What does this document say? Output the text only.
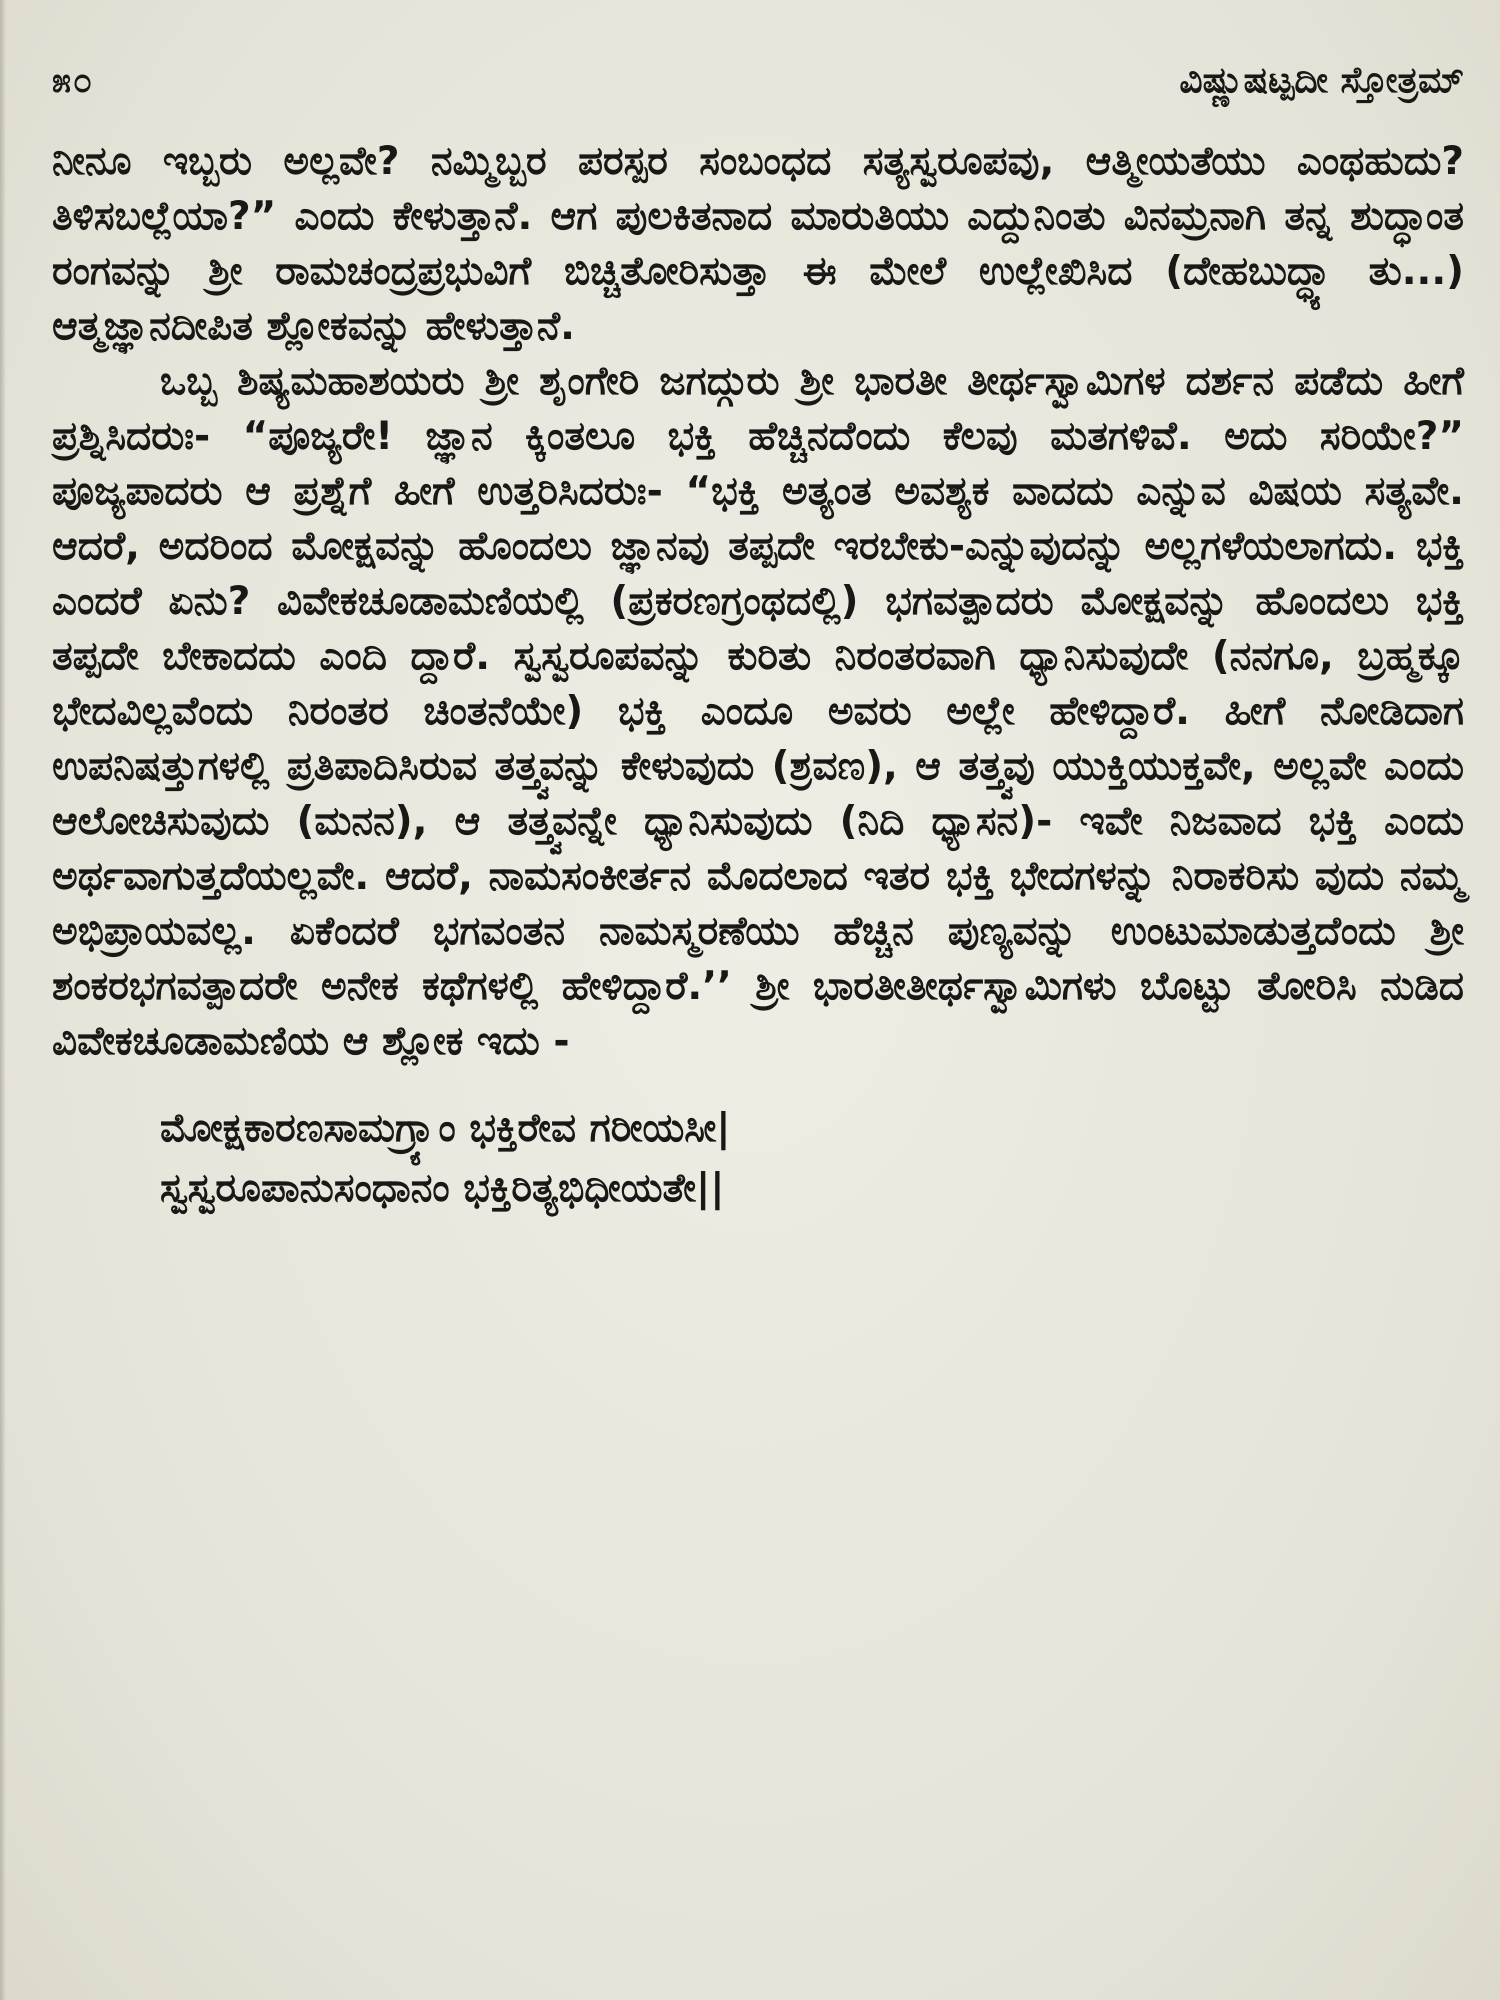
೫೦	ವಿಷ್ಣುಷಟ್ಪದೀ ಸ್ತೋತ್ರಮ್

ನೀನೂ ಇಬ್ಬರು ಅಲ್ಲವೇ? ನಮ್ಮಿಬ್ಬರ ಪರಸ್ಪರ ಸಂಬಂಧದ ಸತ್ಯಸ್ವರೂಪವು, ಆತ್ಮೀಯತೆಯು ಎಂಥಹುದು? ತಿಳಿಸಬಲ್ಲೆಯಾ?” ಎಂದು ಕೇಳುತ್ತಾನೆ. ಆಗ ಪುಲಕಿತನಾದ ಮಾರುತಿಯು ಎದ್ದುನಿಂತು ವಿನಮ್ರನಾಗಿ ತನ್ನ ಶುದ್ಧಾಂತ ರಂಗವನ್ನು ಶ್ರೀ ರಾಮಚಂದ್ರಪ್ರಭುವಿಗೆ ಬಿಚ್ಚಿತೋರಿಸುತ್ತಾ ಈ ಮೇಲೆ ಉಲ್ಲೇಖಿಸಿದ (ದೇಹಬುದ್ಧ್ಯಾ ತು...) ಆತ್ಮಜ್ಞಾನದೀಪಿತ ಶ್ಲೋಕವನ್ನು ಹೇಳುತ್ತಾನೆ.

ಒಬ್ಬ ಶಿಷ್ಯಮಹಾಶಯರು ಶ್ರೀ ಶೃಂಗೇರಿ ಜಗದ್ಗುರು ಶ್ರೀ ಭಾರತೀ ತೀರ್ಥಸ್ವಾಮಿಗಳ ದರ್ಶನ ಪಡೆದು ಹೀಗೆ ಪ್ರಶ್ನಿಸಿದರುಃ- “ಪೂಜ್ಯರೇ! ಜ್ಞಾನ ಕ್ಕಿಂತಲೂ ಭಕ್ತಿ ಹೆಚ್ಚಿನದೆಂದು ಕೆಲವು ಮತಗಳಿವೆ. ಅದು ಸರಿಯೇ?” ಪೂಜ್ಯಪಾದರು ಆ ಪ್ರಶ್ನೆಗೆ ಹೀಗೆ ಉತ್ತರಿಸಿದರುಃ- “ಭಕ್ತಿ ಅತ್ಯಂತ ಅವಶ್ಯಕ ವಾದದು ಎನ್ನುವ ವಿಷಯ ಸತ್ಯವೇ. ಆದರೆ, ಅದರಿಂದ ಮೋಕ್ಷವನ್ನು ಹೊಂದಲು ಜ್ಞಾನವು ತಪ್ಪದೇ ಇರಬೇಕು-ಎನ್ನುವುದನ್ನು ಅಲ್ಲಗಳೆಯಲಾಗದು. ಭಕ್ತಿ ಎಂದರೆ ಏನು? ವಿವೇಕಚೂಡಾಮಣಿಯಲ್ಲಿ (ಪ್ರಕರಣಗ್ರಂಥದಲ್ಲಿ) ಭಗವತ್ಪಾದರು ಮೋಕ್ಷವನ್ನು ಹೊಂದಲು ಭಕ್ತಿ ತಪ್ಪದೇ ಬೇಕಾದದು ಎಂದಿ ದ್ದಾರೆ. ಸ್ವಸ್ವರೂಪವನ್ನು ಕುರಿತು ನಿರಂತರವಾಗಿ ಧ್ಯಾನಿಸುವುದೇ (ನನಗೂ, ಬ್ರಹ್ಮಕ್ಕೂ ಭೇದವಿಲ್ಲವೆಂದು ನಿರಂತರ ಚಿಂತನೆಯೇ) ಭಕ್ತಿ ಎಂದೂ ಅವರು ಅಲ್ಲೇ ಹೇಳಿದ್ದಾರೆ. ಹೀಗೆ ನೋಡಿದಾಗ ಉಪನಿಷತ್ತುಗಳಲ್ಲಿ ಪ್ರತಿಪಾದಿಸಿರುವ ತತ್ತ್ವವನ್ನು ಕೇಳುವುದು (ಶ್ರವಣ), ಆ ತತ್ತ್ವವು ಯುಕ್ತಿಯುಕ್ತವೇ, ಅಲ್ಲವೇ ಎಂದು ಆಲೋಚಿಸುವುದು (ಮನನ), ಆ ತತ್ತ್ವವನ್ನೇ ಧ್ಯಾನಿಸುವುದು (ನಿದಿ ಧ್ಯಾಸನ)- ಇವೇ ನಿಜವಾದ ಭಕ್ತಿ ಎಂದು ಅರ್ಥವಾಗುತ್ತದೆಯಲ್ಲವೇ. ಆದರೆ, ನಾಮಸಂಕೀರ್ತನ ಮೊದಲಾದ ಇತರ ಭಕ್ತಿ ಭೇದಗಳನ್ನು ನಿರಾಕರಿಸು ವುದು ನಮ್ಮ ಅಭಿಪ್ರಾಯವಲ್ಲ. ಏಕೆಂದರೆ ಭಗವಂತನ ನಾಮಸ್ಮರಣೆಯು ಹೆಚ್ಚಿನ ಪುಣ್ಯವನ್ನು ಉಂಟುಮಾಡುತ್ತದೆಂದು ಶ್ರೀ ಶಂಕರಭಗವತ್ಪಾದರೇ ಅನೇಕ ಕಥೆಗಳಲ್ಲಿ ಹೇಳಿದ್ದಾರೆ.’’ ಶ್ರೀ ಭಾರತೀತೀರ್ಥಸ್ವಾಮಿಗಳು ಬೊಟ್ಟು ತೋರಿಸಿ ನುಡಿದ ವಿವೇಕಚೂಡಾಮಣಿಯ ಆ ಶ್ಲೋಕ ಇದು -

ಮೋಕ್ಷಕಾರಣಸಾಮಗ್ರ್ಯಾಂ ಭಕ್ತಿರೇವ ಗರೀಯಸೀ|
ಸ್ವಸ್ವರೂಪಾನುಸಂಧಾನಂ ಭಕ್ತಿರಿತ್ಯಭಿಧೀಯತೇ||
